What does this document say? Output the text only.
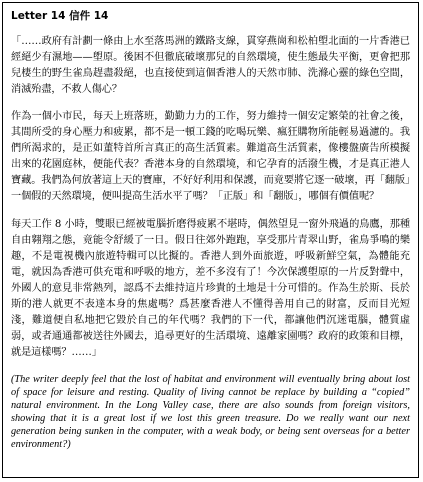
Letter 14 信件 14

「……政府有計劃一條由上水至落馬洲的鐵路支線，貫穿燕崗和松柏塱北面的一片香港已經絕少有濕地——塱原。後困不但徹底破壞那兒的自然環境，使生態最失平衡，更會把那兒棲生的野生雀鳥趕盡殺絕，也直接使到這個香港人的天然市肺、洗滌心靈的綠色空間，消滅殆盡，不救人傷心？

作為一個小市民，每天上班落班，勤勤力力的工作，努力維持一個安定繁榮的社會之後，其間所受的身心壓力和疲累，都不是一頓工錢的吃喝玩樂、瘋狂購物所能輕易過濾的。我們所渴求的，是正如董特首所言真正的高生活質素。難道高生活質素，像樓盤廣告所模擬出來的花園庭林，便能代表？香港本身的自然環境，和它孕育的活潑生機，才是真正港人寶藏。我們為何放著這上天的寶庫，不好好利用和保護，而竟要將它逐一破壞，再「翻版」一個假的天然環境，便叫提高生活水平了嗎？「正版」和「翻版」，哪個有價值呢？

每天工作 8 小時，雙眼已經被電腦折磨得疲累不堪時，偶然望見一窗外飛過的鳥鷹，那種自由翱翔之態，竟能令舒緩了一日。假日往郊外跑跑，享受那片青翠山野，雀鳥爭鳴的樂趣，不是電視機內旅遊特輯可以比擬的。香港人到外面旅遊，呼吸新鮮空氣，為體能充電，就因為香港可供充電和呼吸的地方，差不多沒有了！今次保護塱原的一片反對聲中，外國人的意見非常熱列，認爲不去維持這片珍貴的土地是十分可惜的。作為生於斯、長於斯的港人就更不表達本身的焦處嗎？爲甚麼香港人不懂得善用自己的財富，反而目光短淺，難道便自私地把它毀於自己的年代嗎？我們的下一代，都讓他們沉迷電腦，體質虛弱，或者通通都被送往外國去，追尋更好的生活環境、遠離家園嗎？政府的政策和目標，就是這樣嗎？……」

(The writer deeply feel that the lost of habitat and environment will eventually bring about lost of space for leisure and resting. Quality of living cannot be replace by building a “copied” natural environment. In the Long Valley case, there are also sounds from foreign visitors, showing that it is a great lost if we lost this green treasure. Do we really want our next generation being sunken in the computer, with a weak body, or being sent overseas for a better environment?)
